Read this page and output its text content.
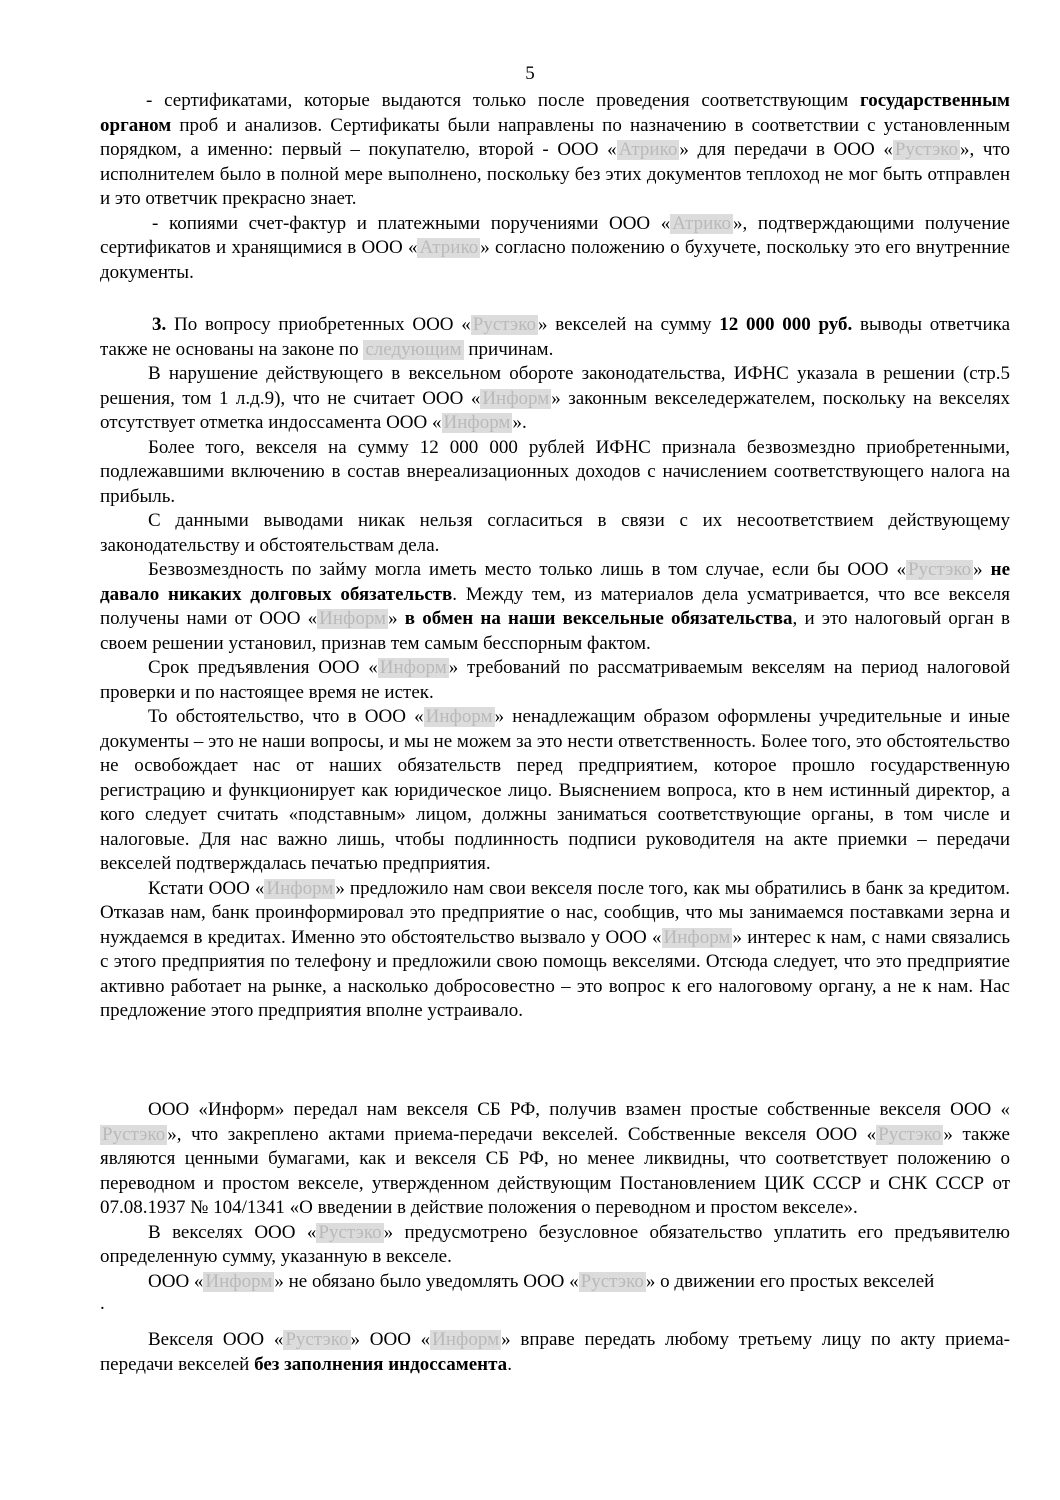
5

- сертификатами, которые выдаются только после проведения соответствующим государственным органом проб и анализов. Сертификаты были направлены по назначению в соответствии с установленным порядком, а именно: первый – покупателю, второй - ООО « Атрико » для передачи в ООО « Рустэко », что исполнителем было в полной мере выполнено, поскольку без этих документов теплоход не мог быть отправлен и это ответчик прекрасно знает.

- копиями счет-фактур и платежными поручениями ООО « Атрико », подтверждающими получение сертификатов и хранящимися в ООО « Атрико » согласно положению о бухучете, поскольку это его внутренние документы.

3. По вопросу приобретенных ООО « Рустэко » векселей на сумму 12 000 000 руб. выводы ответчика также не основаны на законе по следующим причинам.

В нарушение действующего в вексельном обороте законодательства, ИФНС указала в решении (стр.5 решения, том 1 л.д.9), что не считает ООО « Информ » законным векселедержателем, поскольку на векселях отсутствует отметка индоссамента ООО « Информ ».

Более того, векселя на сумму 12 000 000 рублей ИФНС признала безвозмездно приобретенными, подлежавшими включению в состав внереализационных доходов с начислением соответствующего налога на прибыль.

С данными выводами никак нельзя согласиться в связи с их несоответствием действующему законодательству и обстоятельствам дела.

Безвозмездность по займу могла иметь место только лишь в том случае, если бы ООО « Рустэко » не давало никаких долговых обязательств. Между тем, из материалов дела усматривается, что все векселя получены нами от ООО « Информ » в обмен на наши вексельные обязательства, и это налоговый орган в своем решении установил, признав тем самым бесспорным фактом.

Срок предъявления ООО « Информ » требований по рассматриваемым векселям на период налоговой проверки и по настоящее время не истек.

То обстоятельство, что в ООО « Информ » ненадлежащим образом оформлены учредительные и иные документы – это не наши вопросы, и мы не можем за это нести ответственность. Более того, это обстоятельство не освобождает нас от наших обязательств перед предприятием, которое прошло государственную регистрацию и функционирует как юридическое лицо. Выяснением вопроса, кто в нем истинный директор, а кого следует считать «подставным» лицом, должны заниматься соответствующие органы, в том числе и налоговые. Для нас важно лишь, чтобы подлинность подписи руководителя на акте приемки – передачи векселей подтверждалась печатью предприятия.

Кстати ООО « Информ » предложило нам свои векселя после того, как мы обратились в банк за кредитом. Отказав нам, банк проинформировал это предприятие о нас, сообщив, что мы занимаемся поставками зерна и нуждаемся в кредитах. Именно это обстоятельство вызвало у ООО « Информ » интерес к нам, с нами связались с этого предприятия по телефону и предложили свою помощь векселями. Отсюда следует, что это предприятие активно работает на рынке, а насколько добросовестно – это вопрос к его налоговому органу, а не к нам. Нас предложение этого предприятия вполне устраивало.

ООО «Информ» передал нам векселя СБ РФ, получив взамен простые собственные векселя ООО «Рустэко », что закреплено актами приема-передачи векселей. Собственные векселя ООО « Рустэко » также являются ценными бумагами, как и векселя СБ РФ, но менее ликвидны, что соответствует положению о переводном и простом векселе, утвержденном действующим Постановлением ЦИК СССР и СНК СССР от 07.08.1937 № 104/1341 «О введении в действие положения о переводном и простом векселе».

В векселях ООО « Рустэко » предусмотрено безусловное обязательство уплатить его предъявителю определенную сумму, указанную в векселе.

ООО « Информ » не обязано было уведомлять ООО « Рустэко » о движении его простых векселей

.

Векселя ООО « Рустэко » ООО « Информ » вправе передать любому третьему лицу по акту приема-передачи векселей без заполнения индоссамента.
